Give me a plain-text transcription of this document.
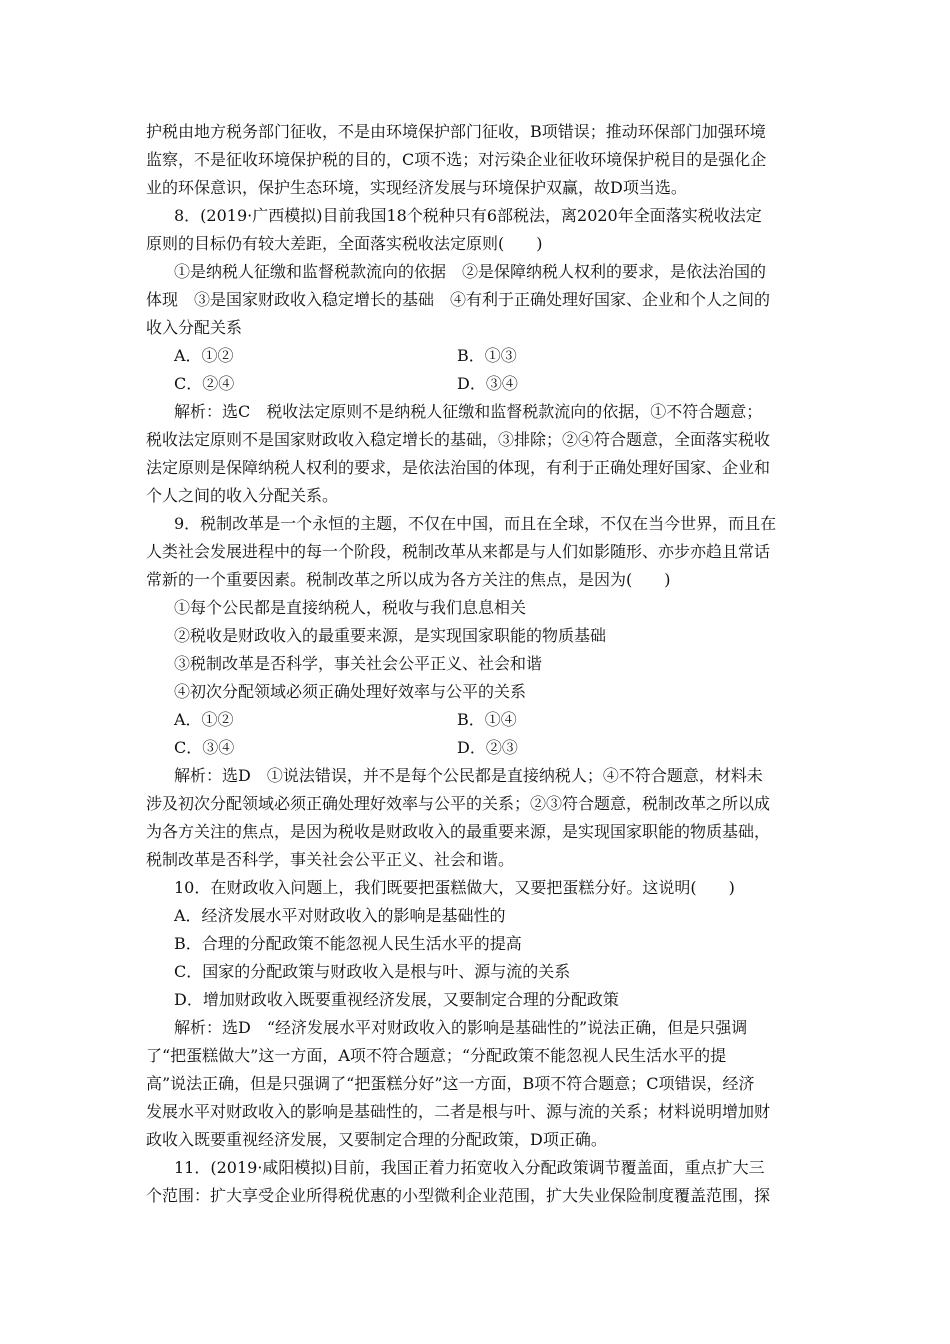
护税由地方税务部门征收，不是由环境保护部门征收，B项错误；推动环保部门加强环境
监察，不是征收环境保护税的目的，C项不选；对污染企业征收环境保护税目的是强化企
业的环保意识，保护生态环境，实现经济发展与环境保护双赢，故D项当选。
8．(2019·广西模拟)目前我国18个税种只有6部税法，离2020年全面落实税收法定
原则的目标仍有较大差距，全面落实税收法定原则(　　)
①是纳税人征缴和监督税款流向的依据　②是保障纳税人权利的要求，是依法治国的
体现　③是国家财政收入稳定增长的基础　④有利于正确处理好国家、企业和个人之间的
收入分配关系
A．①②	B．①③
C．②④	D．③④
解析：选C　税收法定原则不是纳税人征缴和监督税款流向的依据，①不符合题意；
税收法定原则不是国家财政收入稳定增长的基础，③排除；②④符合题意，全面落实税收
法定原则是保障纳税人权利的要求，是依法治国的体现，有利于正确处理好国家、企业和
个人之间的收入分配关系。
9．税制改革是一个永恒的主题，不仅在中国，而且在全球，不仅在当今世界，而且在
人类社会发展进程中的每一个阶段，税制改革从来都是与人们如影随形、亦步亦趋且常话
常新的一个重要因素。税制改革之所以成为各方关注的焦点，是因为(　　)
①每个公民都是直接纳税人，税收与我们息息相关
②税收是财政收入的最重要来源，是实现国家职能的物质基础
③税制改革是否科学，事关社会公平正义、社会和谐
④初次分配领域必须正确处理好效率与公平的关系
A．①②	B．①④
C．③④	D．②③
解析：选D　①说法错误，并不是每个公民都是直接纳税人；④不符合题意，材料未
涉及初次分配领域必须正确处理好效率与公平的关系；②③符合题意，税制改革之所以成
为各方关注的焦点，是因为税收是财政收入的最重要来源，是实现国家职能的物质基础，
税制改革是否科学，事关社会公平正义、社会和谐。
10．在财政收入问题上，我们既要把蛋糕做大，又要把蛋糕分好。这说明(　　)
A．经济发展水平对财政收入的影响是基础性的
B．合理的分配政策不能忽视人民生活水平的提高
C．国家的分配政策与财政收入是根与叶、源与流的关系
D．增加财政收入既要重视经济发展，又要制定合理的分配政策
解析：选D　“经济发展水平对财政收入的影响是基础性的”说法正确，但是只强调
了“把蛋糕做大”这一方面，A项不符合题意；“分配政策不能忽视人民生活水平的提
高”说法正确，但是只强调了“把蛋糕分好”这一方面，B项不符合题意；C项错误，经济
发展水平对财政收入的影响是基础性的，二者是根与叶、源与流的关系；材料说明增加财
政收入既要重视经济发展，又要制定合理的分配政策，D项正确。
11．(2019·咸阳模拟)目前，我国正着力拓宽收入分配政策调节覆盖面，重点扩大三
个范围：扩大享受企业所得税优惠的小型微利企业范围，扩大失业保险制度覆盖范围，探
